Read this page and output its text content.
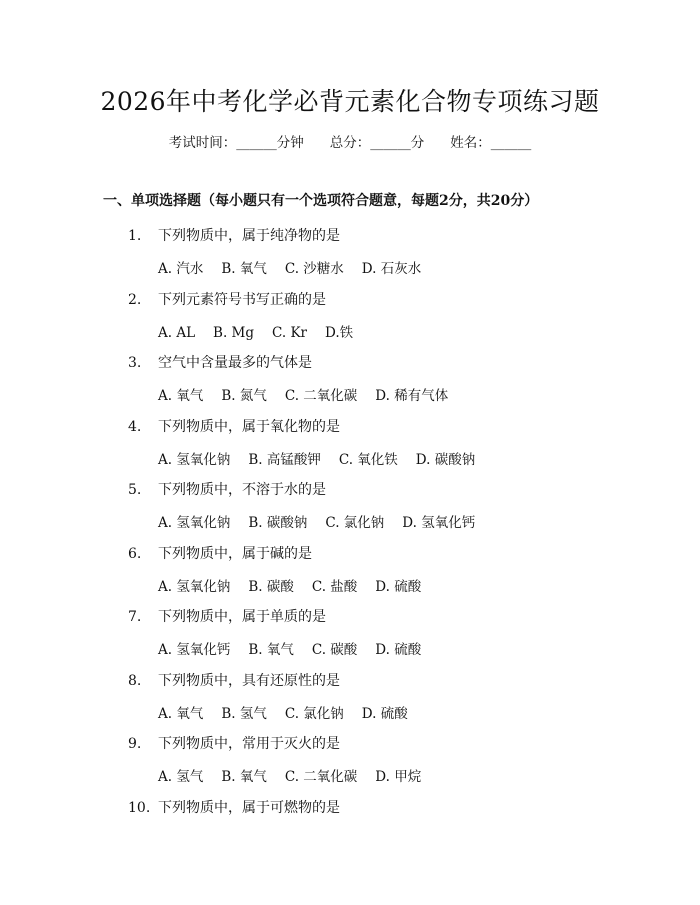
2026年中考化学必背元素化合物专项练习题
考试时间：______分钟 总分：______分 姓名：______
一、单项选择题（每小题只有一个选项符合题意，每题2分，共20分）
1. 下列物质中，属于纯净物的是
A. 汽水 B. 氧气 C. 沙糖水 D. 石灰水
2. 下列元素符号书写正确的是
A. AL B. Mg C. Kr D.铁
3. 空气中含量最多的气体是
A. 氧气 B. 氮气 C. 二氧化碳 D. 稀有气体
4. 下列物质中，属于氧化物的是
A. 氢氧化钠 B. 高锰酸钾 C. 氧化铁 D. 碳酸钠
5. 下列物质中，不溶于水的是
A. 氢氧化钠 B. 碳酸钠 C. 氯化钠 D. 氢氧化钙
6. 下列物质中，属于碱的是
A. 氢氧化钠 B. 碳酸 C. 盐酸 D. 硫酸
7. 下列物质中，属于单质的是
A. 氢氧化钙 B. 氧气 C. 碳酸 D. 硫酸
8. 下列物质中，具有还原性的是
A. 氧气 B. 氢气 C. 氯化钠 D. 硫酸
9. 下列物质中，常用于灭火的是
A. 氢气 B. 氧气 C. 二氧化碳 D. 甲烷
10. 下列物质中，属于可燃物的是
